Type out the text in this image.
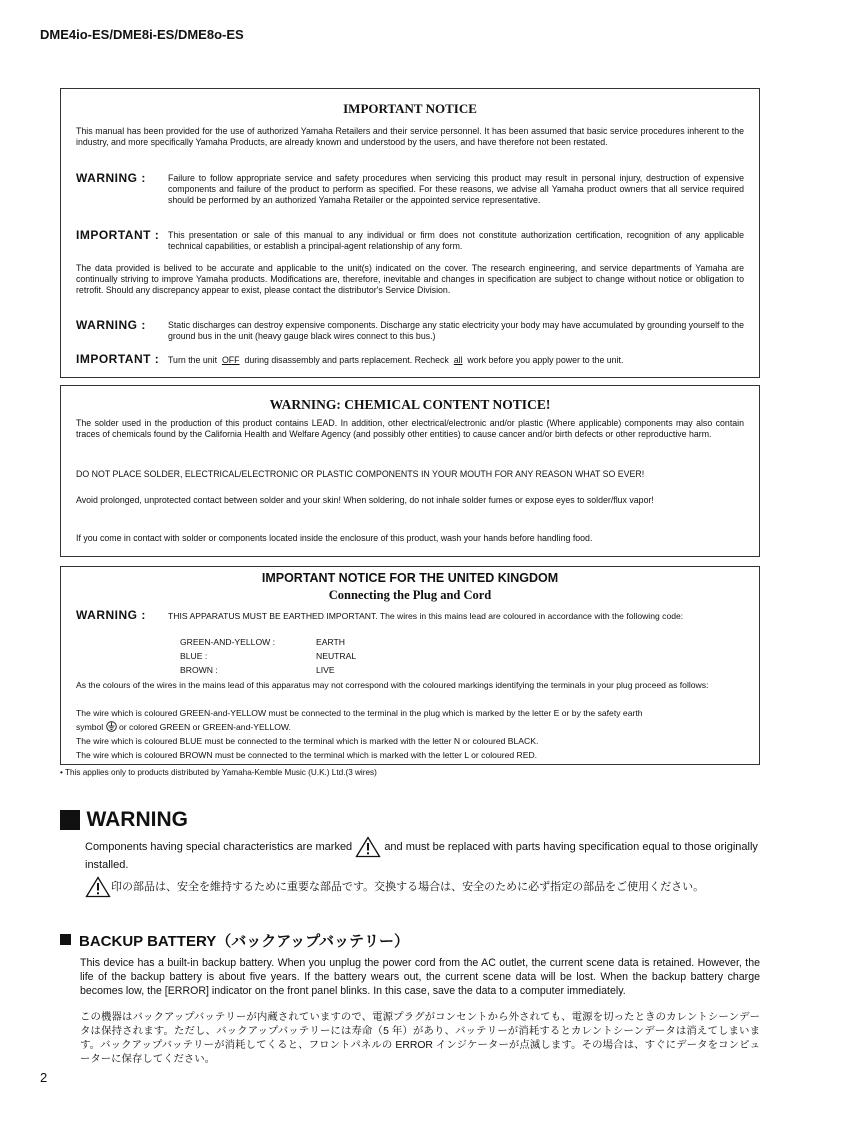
DME4io-ES/DME8i-ES/DME8o-ES
IMPORTANT NOTICE
This manual has been provided for the use of authorized Yamaha Retailers and their service personnel. It has been assumed that basic service procedures inherent to the industry, and more specifically Yamaha Products, are already known and understood by the users, and have therefore not been restated.
WARNING :	Failure to follow appropriate service and safety procedures when servicing this product may result in personal injury, destruction of expensive components and failure of the product to perform as specified. For these reasons, we advise all Yamaha product owners that all service required should be performed by an authorized Yamaha Retailer or the appointed service representative.
IMPORTANT : This presentation or sale of this manual to any individual or firm does not constitute authorization certification, recognition of any applicable technical capabilities, or establish a principal-agent relationship of any form.
The data provided is belived to be accurate and applicable to the unit(s) indicated on the cover. The research engineering, and service departments of Yamaha are continually striving to improve Yamaha products. Modifications are, therefore, inevitable and changes in specification are subject to change without notice or obligation to retrofit. Should any discrepancy appear to exist, please contact the distributor's Service Division.
WARNING :	Static discharges can destroy expensive components. Discharge any static electricity your body may have accumulated by grounding yourself to the ground bus in the unit (heavy gauge black wires connect to this bus.)
IMPORTANT : Turn the unit OFF during disassembly and parts replacement. Recheck all work before you apply power to the unit.
WARNING: CHEMICAL CONTENT NOTICE!
The solder used in the production of this product contains LEAD. In addition, other electrical/electronic and/or plastic (Where applicable) components may also contain traces of chemicals found by the California Health and Welfare Agency (and possibly other entities) to cause cancer and/or birth defects or other reproductive harm.
DO NOT PLACE SOLDER, ELECTRICAL/ELECTRONIC OR PLASTIC COMPONENTS IN YOUR MOUTH FOR ANY REASON WHAT SO EVER!
Avoid prolonged, unprotected contact between solder and your skin! When soldering, do not inhale solder fumes or expose eyes to solder/flux vapor!
If you come in contact with solder or components located inside the enclosure of this product, wash your hands before handling food.
IMPORTANT NOTICE FOR THE UNITED KINGDOM
Connecting the Plug and Cord
WARNING :	THIS APPARATUS MUST BE EARTHED IMPORTANT. The wires in this mains lead are coloured in accordance with the following code:
GREEN-AND-YELLOW :	EARTH
BLUE :	NEUTRAL
BROWN :	LIVE
As the colours of the wires in the mains lead of this apparatus may not correspond with the coloured markings identifying the terminals in your plug proceed as follows:
The wire which is coloured GREEN-and-YELLOW must be connected to the terminal in the plug which is marked by the letter E or by the safety earth
symbol or colored GREEN or GREEN-and-YELLOW.
The wire which is coloured BLUE must be connected to the terminal which is marked with the letter N or coloured BLACK.
The wire which is coloured BROWN must be connected to the terminal which is marked with the letter L or coloured RED.
• This applies only to products distributed by Yamaha-Kemble Music (U.K.) Ltd.(3 wires)
WARNING
Components having special characteristics are marked	and must be replaced with parts having specification equal to those originally installed.
印の部品は、安全を維持するために重要な部品です。交換する場合は、安全のために必ず指定の部品をご使用ください。
BACKUP BATTERY（バックアップバッテリー）
This device has a built-in backup battery. When you unplug the power cord from the AC outlet, the current scene data is retained. However, the life of the backup battery is about five years. If the battery wears out, the current scene data will be lost. When the backup battery charge becomes low, the [ERROR] indicator on the front panel blinks. In this case, save the data to a computer immediately.
この機器はバックアップバッテリーが内蔵されていますので、電源プラグがコンセントから外されても、電源を切ったときのカレントシーンデータは保持されます。ただし、バックアップバッテリーには寿命（5 年）があり、バッテリーが消耗するとカレントシーンデータは消えてしまいます。バックアップバッテリーが消耗してくると、フロントパネルの ERROR インジケーターが点滅します。その場合は、すぐにデータをコンピューターに保存してください。
2
